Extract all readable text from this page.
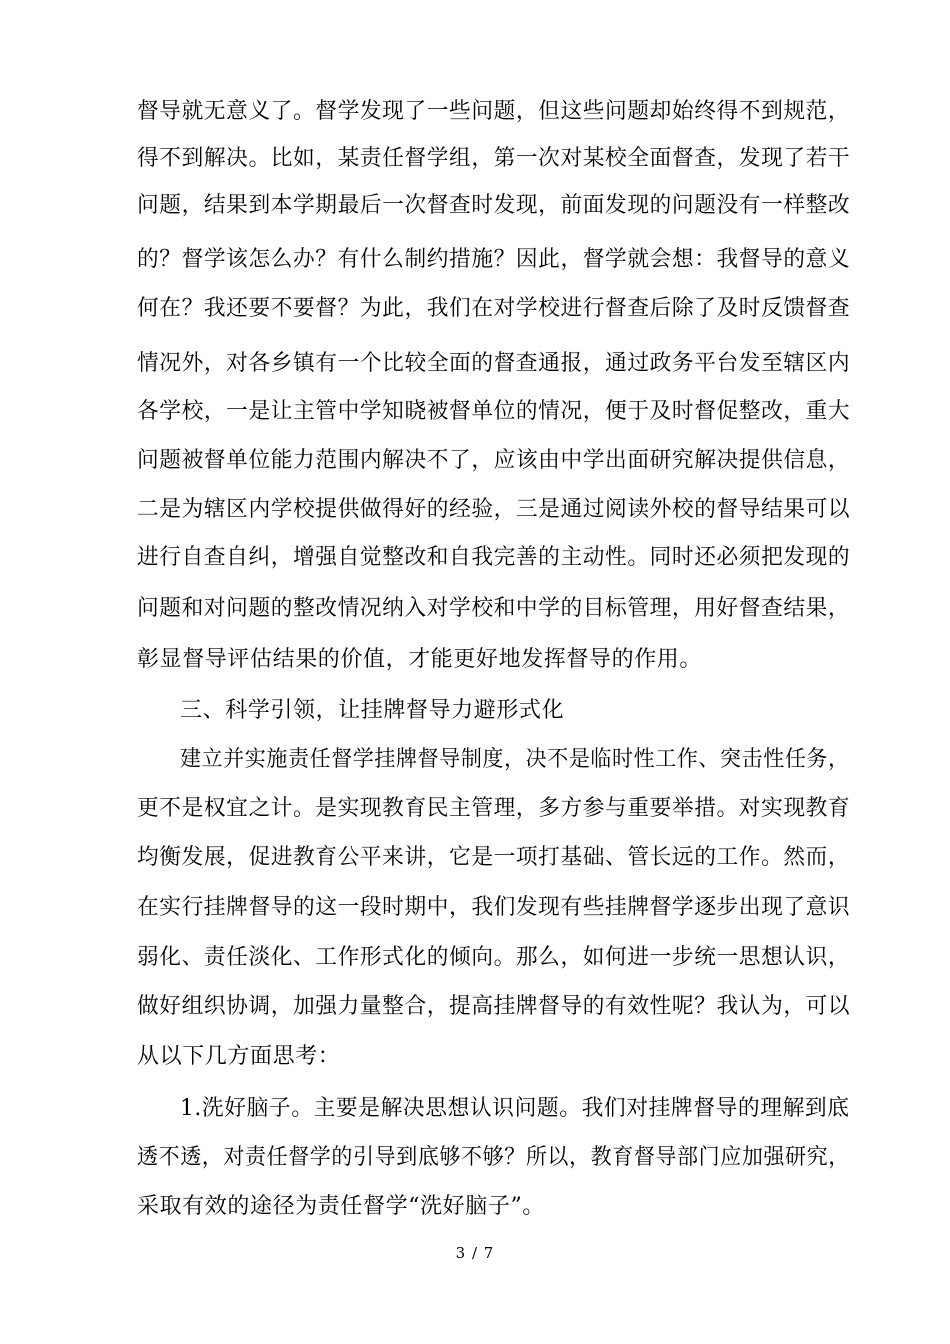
督导就无意义了。督学发现了一些问题，但这些问题却始终得不到规范，
得不到解决。比如，某责任督学组，第一次对某校全面督查，发现了若干
问题，结果到本学期最后一次督查时发现，前面发现的问题没有一样整改
的？督学该怎么办？有什么制约措施？因此，督学就会想：我督导的意义
何在？我还要不要督？为此，我们在对学校进行督查后除了及时反馈督查
情况外，对各乡镇有一个比较全面的督查通报，通过政务平台发至辖区内
各学校，一是让主管中学知晓被督单位的情况，便于及时督促整改，重大
问题被督单位能力范围内解决不了，应该由中学出面研究解决提供信息，
二是为辖区内学校提供做得好的经验，三是通过阅读外校的督导结果可以
进行自查自纠，增强自觉整改和自我完善的主动性。同时还必须把发现的
问题和对问题的整改情况纳入对学校和中学的目标管理，用好督查结果，
彰显督导评估结果的价值，才能更好地发挥督导的作用。
三、科学引领，让挂牌督导力避形式化
建立并实施责任督学挂牌督导制度，决不是临时性工作、突击性任务，
更不是权宜之计。是实现教育民主管理，多方参与重要举措。对实现教育
均衡发展，促进教育公平来讲，它是一项打基础、管长远的工作。然而，
在实行挂牌督导的这一段时期中，我们发现有些挂牌督学逐步出现了意识
弱化、责任淡化、工作形式化的倾向。那么，如何进一步统一思想认识，
做好组织协调，加强力量整合，提高挂牌督导的有效性呢？我认为，可以
从以下几方面思考：
1.洗好脑子。主要是解决思想认识问题。我们对挂牌督导的理解到底
透不透，对责任督学的引导到底够不够？所以，教育督导部门应加强研究，
采取有效的途径为责任督学“洗好脑子”。
3 / 7
